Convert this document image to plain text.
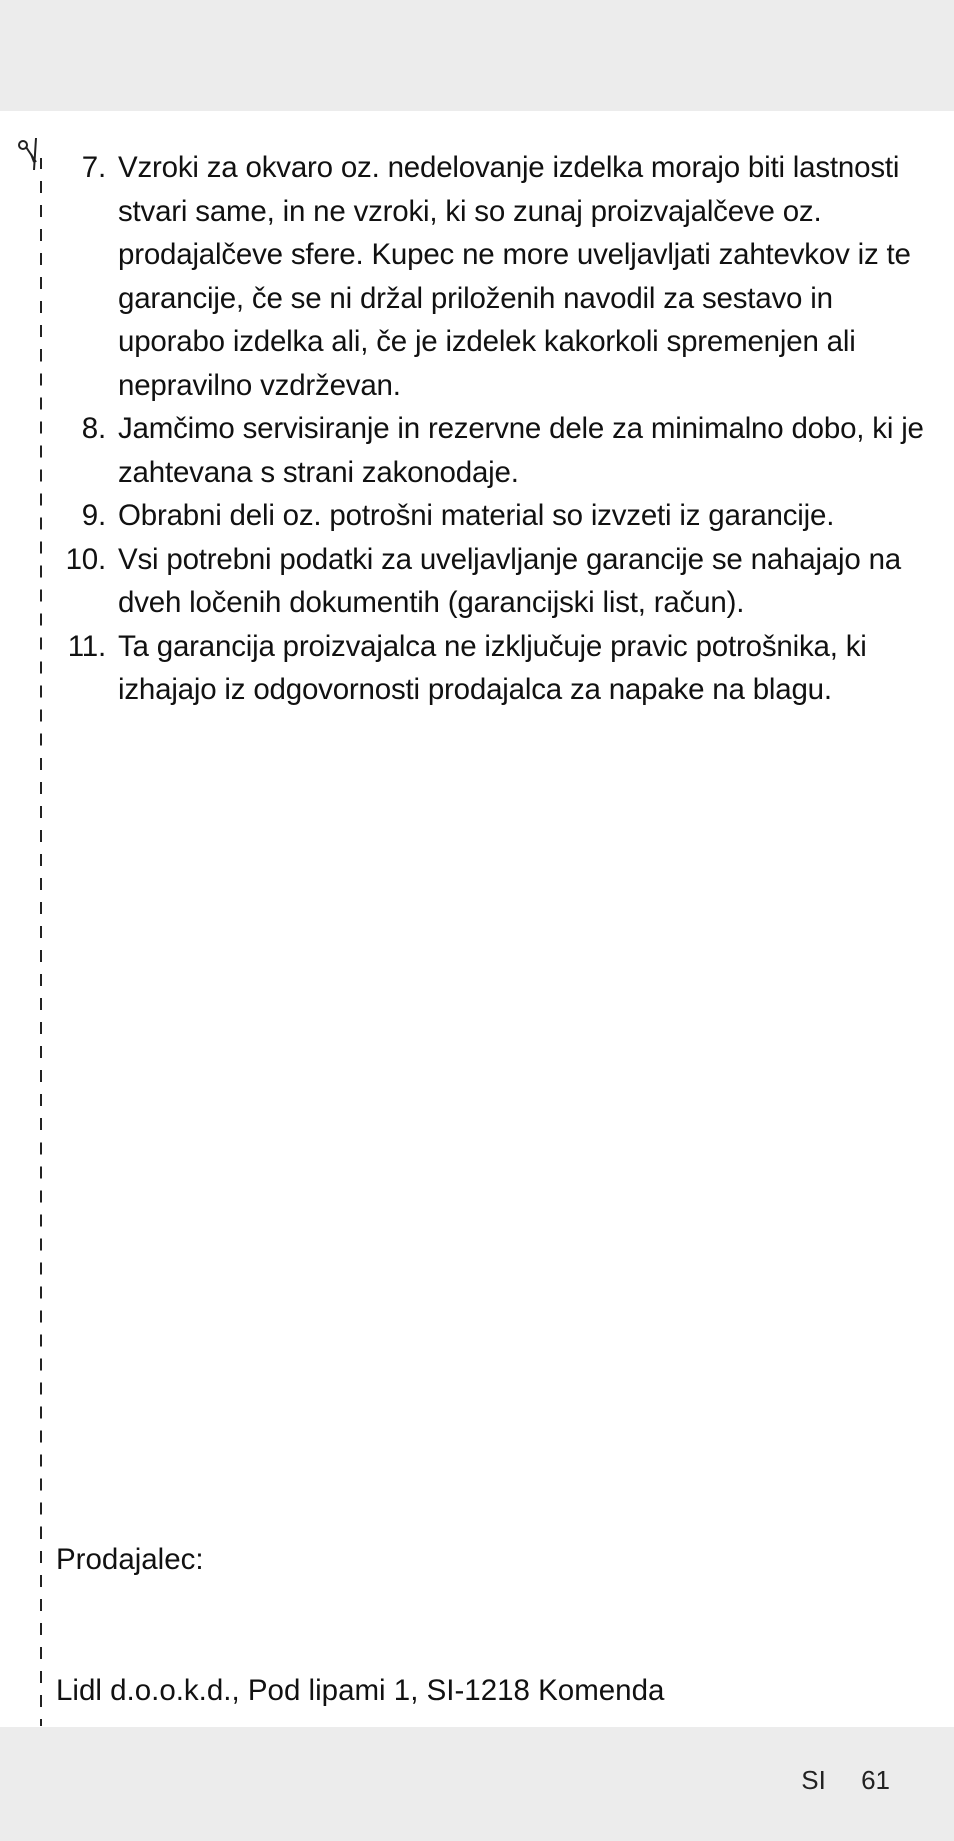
7. Vzroki za okvaro oz. nedelovanje izdelka morajo biti lastnosti stvari same, in ne vzroki, ki so zunaj proizvajalčeve oz. prodajalčeve sfere. Kupec ne more uveljavljati zahtevkov iz te garancije, če se ni držal priloženih navodil za sestavo in uporabo izdelka ali, če je izdelek kakorkoli spremenjen ali nepravilno vzdrževan.
8. Jamčimo servisiranje in rezervne dele za minimalno dobo, ki je zahtevana s strani zakonodaje.
9. Obrabni deli oz. potrošni material so izvzeti iz garancije.
10. Vsi potrebni podatki za uveljavljanje garancije se nahajajo na dveh ločenih dokumentih (garancijski list, račun).
11. Ta garancija proizvajalca ne izključuje pravic potrošnika, ki izhajajo iz odgovornosti prodajalca za napake na blagu.
Prodajalec:
Lidl d.o.o.k.d., Pod lipami 1, SI-1218 Komenda
SI 61
